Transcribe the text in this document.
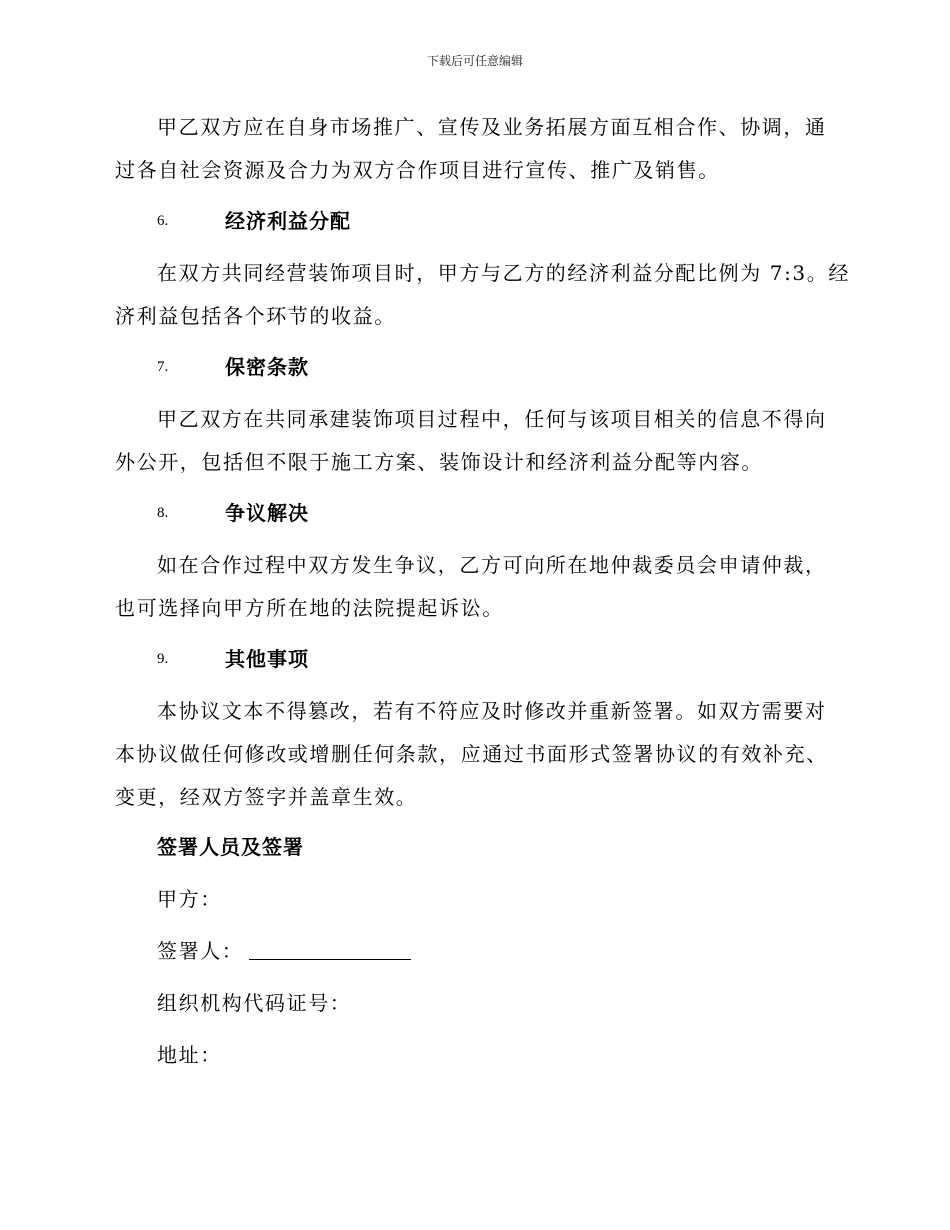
下载后可任意编辑
甲乙双方应在自身市场推广、宣传及业务拓展方面互相合作、协调，通
过各自社会资源及合力为双方合作项目进行宣传、推广及销售。
6.	经济利益分配
在双方共同经营装饰项目时，甲方与乙方的经济利益分配比例为 7:3。经
济利益包括各个环节的收益。
7.	保密条款
甲乙双方在共同承建装饰项目过程中，任何与该项目相关的信息不得向
外公开，包括但不限于施工方案、装饰设计和经济利益分配等内容。
8.	争议解决
如在合作过程中双方发生争议，乙方可向所在地仲裁委员会申请仲裁，
也可选择向甲方所在地的法院提起诉讼。
9.	其他事项
本协议文本不得篡改，若有不符应及时修改并重新签署。如双方需要对
本协议做任何修改或增删任何条款，应通过书面形式签署协议的有效补充、
变更，经双方签字并盖章生效。
签署人员及签署
甲方：
签署人：
组织机构代码证号：
地址：
